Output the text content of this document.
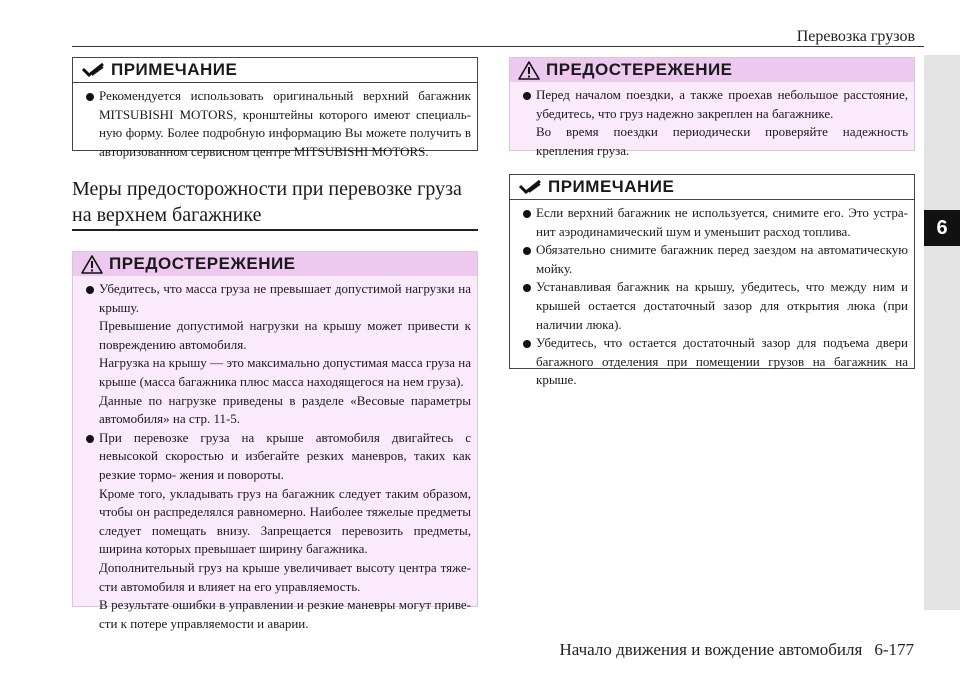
Перевозка грузов
6
ПРИМЕЧАНИЕ

Рекомендуется использовать оригинальный верхний багажник MITSUBISHI MOTORS, кронштейны которого имеют специаль- ную форму. Более подробную информацию Вы можете получить в авторизованном сервисном центре MITSUBISHI MOTORS.

Меры предосторожности при перевозке груза на верхнем багажнике
ПРЕДОСТЕРЕЖЕНИЕ

Убедитесь, что масса груза не превышает допустимой нагрузки на крышу.

Превышение допустимой нагрузки на крышу может привести к повреждению автомобиля.

Нагрузка на крышу — это максимально допустимая масса груза на крыше (масса багажника плюс масса находящегося на нем груза).

Данные по нагрузке приведены в разделе «Весовые параметры автомобиля» на стр. 11-5.

При перевозке груза на крыше автомобиля двигайтесь с невысокой скоростью и избегайте резких маневров, таких как резкие тормо- жения и повороты.

Кроме того, укладывать груз на багажник следует таким образом, чтобы он распределялся равномерно. Наиболее тяжелые предметы следует помещать внизу. Запрещается перевозить предметы, ширина которых превышает ширину багажника.

Дополнительный груз на крыше увеличивает высоту центра тяже- сти автомобиля и влияет на его управляемость.

В результате ошибки в управлении и резкие маневры могут приве- сти к потере управляемости и аварии.

ПРЕДОСТЕРЕЖЕНИЕ

Перед началом поездки, а также проехав небольшое расстояние, убедитесь, что груз надежно закреплен на багажнике.

Во время поездки периодически проверяйте надежность крепления груза.

ПРИМЕЧАНИЕ

Если верхний багажник не используется, снимите его. Это устра- нит аэродинамический шум и уменьшит расход топлива.

Обязательно снимите багажник перед заездом на автоматическую мойку.

Устанавливая багажник на крышу, убедитесь, что между ним и крышей остается достаточный зазор для открытия люка (при наличии люка).

Убедитесь, что остается достаточный зазор для подъема двери багажного отделения при помещении грузов на багажник на крыше.

Начало движения и вождение автомобиля 6-177
